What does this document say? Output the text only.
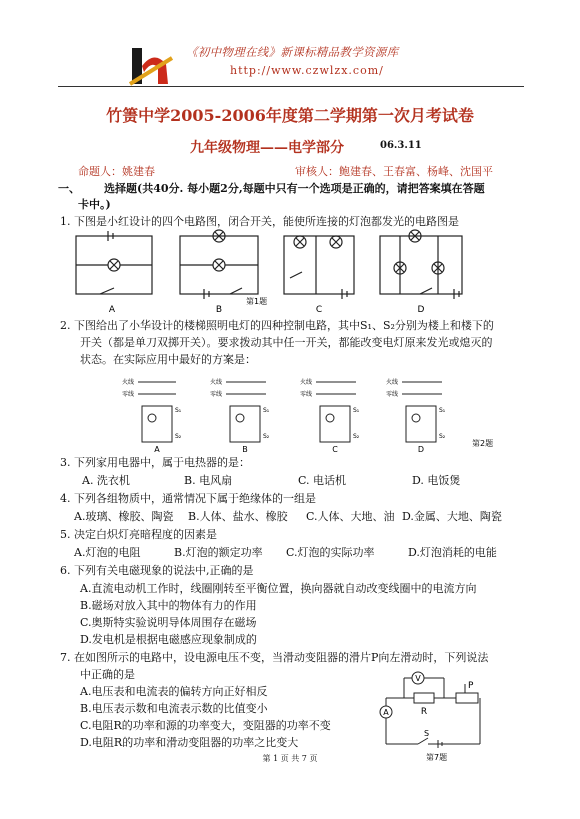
《初中物理在线》新课标精品教学资源库
http://www.czwlzx.com/
竹箦中学2005-2006年度第二学期第一次月考试卷
九年级物理——电学部分	06.3.11
命题人：姚建春	审核人：鲍建春、王春富、杨峰、沈国平
一、 选择题(共40分. 每小题2分,每题中只有一个选项是正确的，请把答案填在答题
卡中。)
1. 下图是小红设计的四个电路图，闭合开关，能使所连接的灯泡都发光的电路图是
A	B	C	D
第1题
2. 下图给出了小华设计的楼梯照明电灯的四种控制电路，其中S₁、S₂分别为楼上和楼下的
开关（都是单刀双掷开关）。要求拨动其中任一开关，都能改变电灯原来发光或熄灭的
状态。在实际应用中最好的方案是：
火线
零线
火线
零线
火线
零线
火线
零线
S₁
S₂
S₁
S₂
S₁
S₂
S₁
S₂
A	B	C	D
第2题
3. 下列家用电器中，属于电热器的是：
A. 洗衣机	B. 电风扇	C. 电话机	D. 电饭煲
4. 下列各组物质中，通常情况下属于绝缘体的一组是
A.玻璃、橡胶、陶瓷 B.人体、盐水、橡胶 C.人体、大地、油 D.金属、大地、陶瓷
5. 决定白炽灯亮暗程度的因素是
A.灯泡的电阻	B.灯泡的额定功率 C.灯泡的实际功率	D.灯泡消耗的电能
6. 下列有关电磁现象的说法中,正确的是
A.直流电动机工作时，线圈刚转至平衡位置，换向器就自动改变线圈中的电流方向
B.磁场对放入其中的物体有力的作用
C.奥斯特实验说明导体周围存在磁场
D.发电机是根据电磁感应现象制成的
7. 在如图所示的电路中，设电源电压不变，当滑动变阻器的滑片P向左滑动时，下列说法
中正确的是
A.电压表和电流表的偏转方向正好相反
B.电压表示数和电流表示数的比值变小
C.电阻R的功率和源的功率变大，变阻器的功率不变
D.电阻R的功率和滑动变阻器的功率之比变大
V
A	R
P
S
第7题
第 1 页 共 7 页
